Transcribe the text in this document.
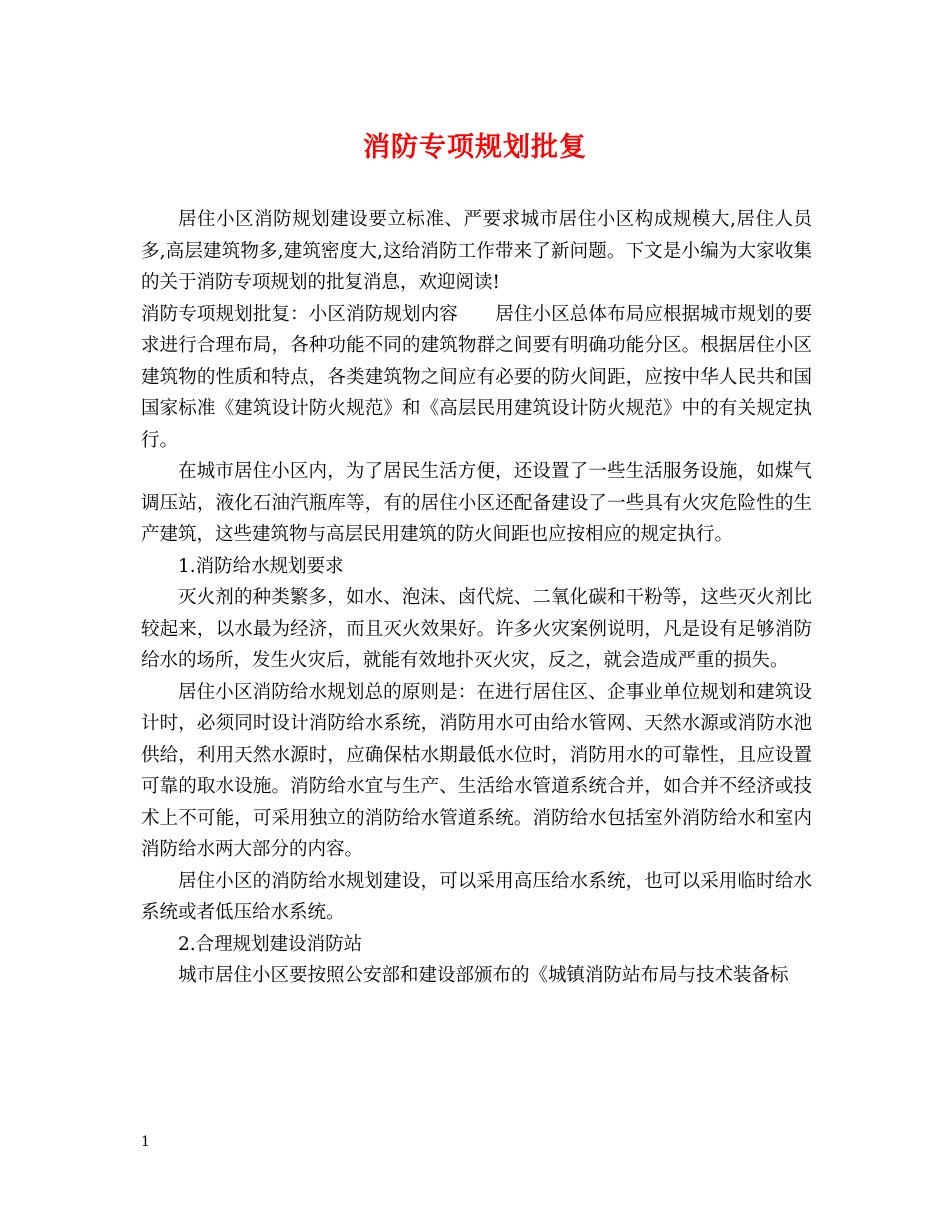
消防专项规划批复

居住小区消防规划建设要立标准、严要求城市居住小区构成规模大,居住人员多,高层建筑物多,建筑密度大,这给消防工作带来了新问题。下文是小编为大家收集的关于消防专项规划的批复消息，欢迎阅读!

消防专项规划批复：小区消防规划内容　　居住小区总体布局应根据城市规划的要求进行合理布局，各种功能不同的建筑物群之间要有明确功能分区。根据居住小区建筑物的性质和特点，各类建筑物之间应有必要的防火间距，应按中华人民共和国国家标准《建筑设计防火规范》和《高层民用建筑设计防火规范》中的有关规定执行。

在城市居住小区内，为了居民生活方便，还设置了一些生活服务设施，如煤气调压站，液化石油汽瓶库等，有的居住小区还配备建设了一些具有火灾危险性的生产建筑，这些建筑物与高层民用建筑的防火间距也应按相应的规定执行。

1.消防给水规划要求

灭火剂的种类繁多，如水、泡沫、卤代烷、二氧化碳和干粉等，这些灭火剂比较起来，以水最为经济，而且灭火效果好。许多火灾案例说明，凡是设有足够消防给水的场所，发生火灾后，就能有效地扑灭火灾，反之，就会造成严重的损失。

居住小区消防给水规划总的原则是：在进行居住区、企事业单位规划和建筑设计时，必须同时设计消防给水系统，消防用水可由给水管网、天然水源或消防水池供给，利用天然水源时，应确保枯水期最低水位时，消防用水的可靠性，且应设置可靠的取水设施。消防给水宜与生产、生活给水管道系统合并，如合并不经济或技术上不可能，可采用独立的消防给水管道系统。消防给水包括室外消防给水和室内消防给水两大部分的内容。

居住小区的消防给水规划建设，可以采用高压给水系统，也可以采用临时给水系统或者低压给水系统。

2.合理规划建设消防站

城市居住小区要按照公安部和建设部颁布的《城镇消防站布局与技术装备标

1
